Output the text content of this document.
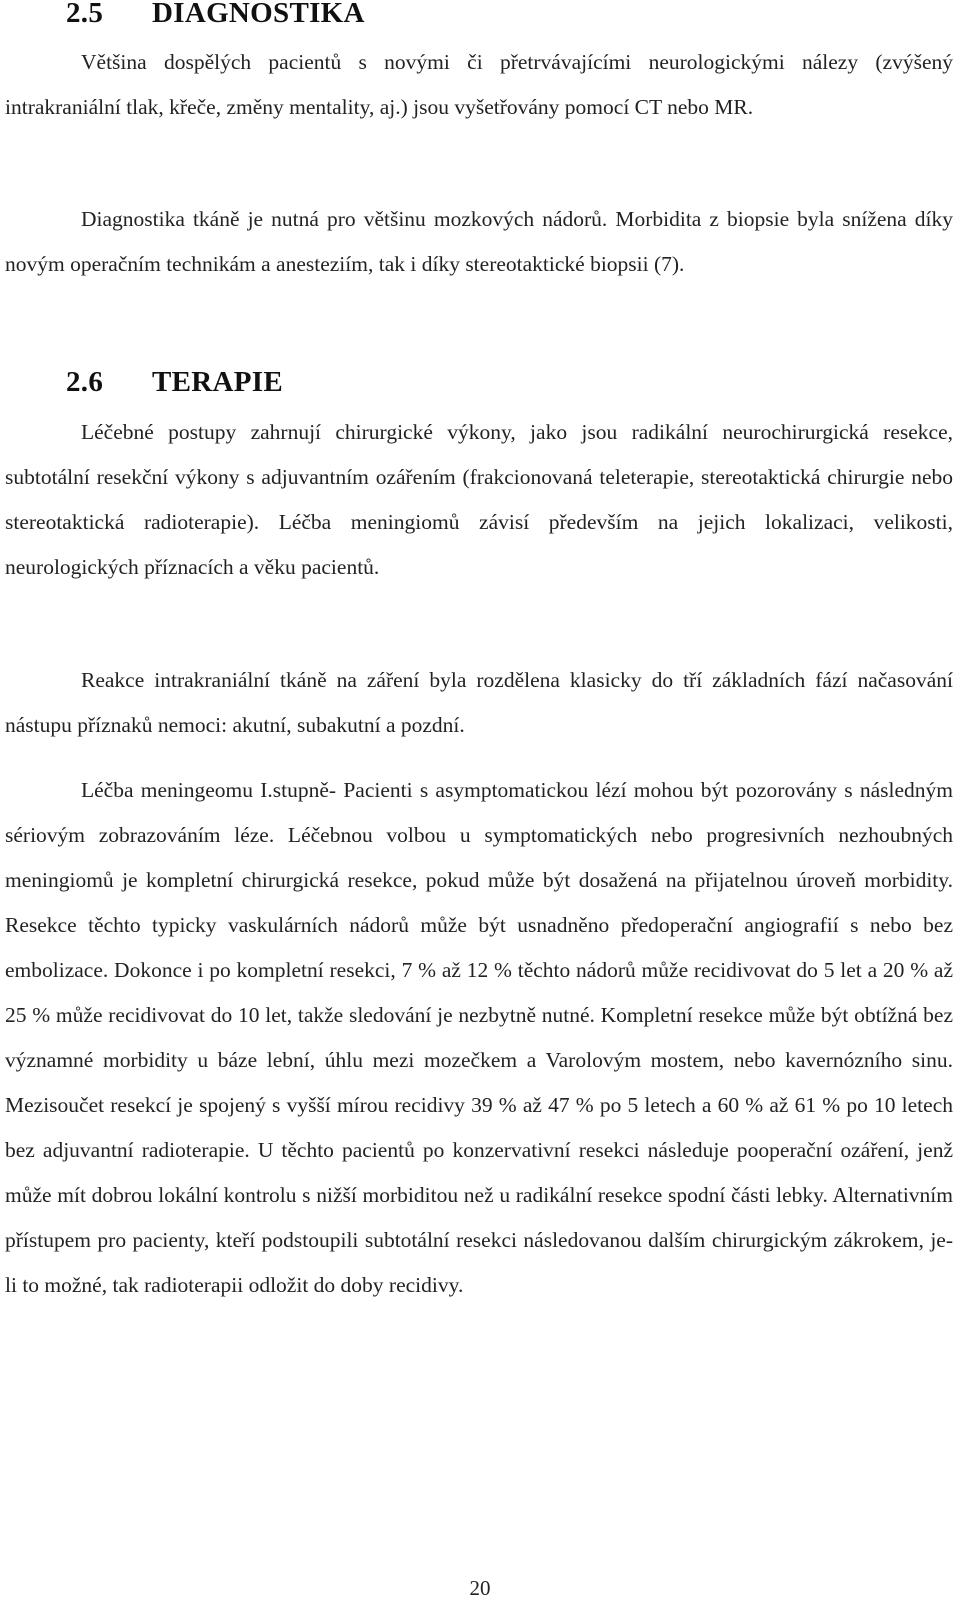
2.5 DIAGNOSTIKA

Většina dospělých pacientů s novými či přetrvávajícími neurologickými nálezy (zvýšený intrakraniální tlak, křeče, změny mentality, aj.) jsou vyšetřovány pomocí CT nebo MR.

Diagnostika tkáně je nutná pro většinu mozkových nádorů. Morbidita z biopsie byla snížena díky novým operačním technikám a anesteziím, tak i díky stereotaktické biopsii (7).

2.6 TERAPIE

Léčebné postupy zahrnují chirurgické výkony, jako jsou radikální neurochirurgická resekce, subtotální resekční výkony s adjuvantním ozářením (frakcionovaná teleterapie, stereotaktická chirurgie nebo stereotaktická radioterapie). Léčba meningiomů závisí především na jejich lokalizaci, velikosti, neurologických příznacích a věku pacientů.

Reakce intrakraniální tkáně na záření byla rozdělena klasicky do tří základních fází načasování nástupu příznaků nemoci: akutní, subakutní a pozdní.

Léčba meningeomu I.stupně- Pacienti s asymptomatickou lézí mohou být pozorovány s následným sériovým zobrazováním léze. Léčebnou volbou u symptomatických nebo progresivních nezhoubných meningiomů je kompletní chirurgická resekce, pokud může být dosažená na přijatelnou úroveň morbidity. Resekce těchto typicky vaskulárních nádorů může být usnadněno předoperační angiografií s nebo bez embolizace. Dokonce i po kompletní resekci, 7 % až 12 % těchto nádorů může recidivovat do 5 let a 20 % až 25 % může recidivovat do 10 let, takže sledování je nezbytně nutné. Kompletní resekce může být obtížná bez významné morbidity u báze lební, úhlu mezi mozečkem a Varolovým mostem, nebo kavernózního sinu. Mezisoučet resekcí je spojený s vyšší mírou recidivy 39 % až 47 % po 5 letech a 60 % až 61 % po 10 letech bez adjuvantní radioterapie. U těchto pacientů po konzervativní resekci následuje pooperační ozáření, jenž může mít dobrou lokální kontrolu s nižší morbiditou než u radikální resekce spodní části lebky. Alternativním přístupem pro pacienty, kteří podstoupili subtotální resekci následovanou dalším chirurgickým zákrokem, je-li to možné, tak radioterapii odložit do doby recidivy.

20
